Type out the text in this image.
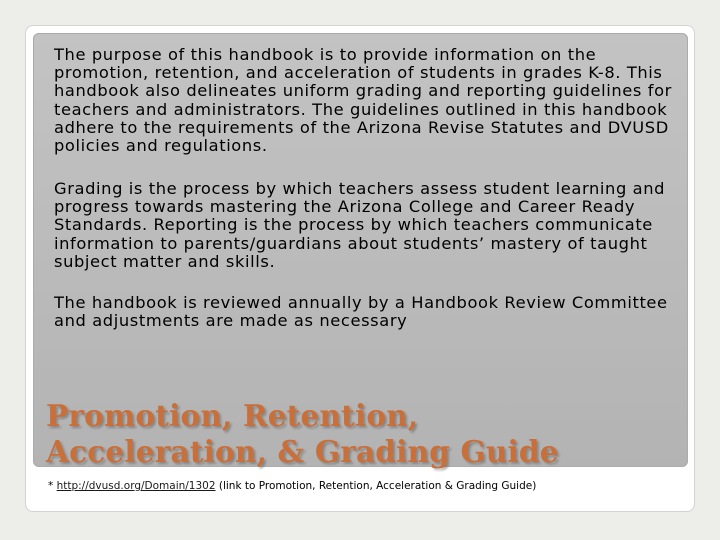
The purpose of this handbook is to provide information on the promotion, retention, and acceleration of students in grades K-8. This handbook also delineates uniform grading and reporting guidelines for teachers and administrators. The guidelines outlined in this handbook adhere to the requirements of the Arizona Revise Statutes and DVUSD policies and regulations.

Grading is the process by which teachers assess student learning and progress towards mastering the Arizona College and Career Ready Standards. Reporting is the process by which teachers communicate information to parents/guardians about students’ mastery of taught subject matter and skills.

The handbook is reviewed annually by a Handbook Review Committee and adjustments are made as necessary

Promotion, Retention,
Acceleration, & Grading Guide

* http://dvusd.org/Domain/1302 (link to Promotion, Retention, Acceleration & Grading Guide)
